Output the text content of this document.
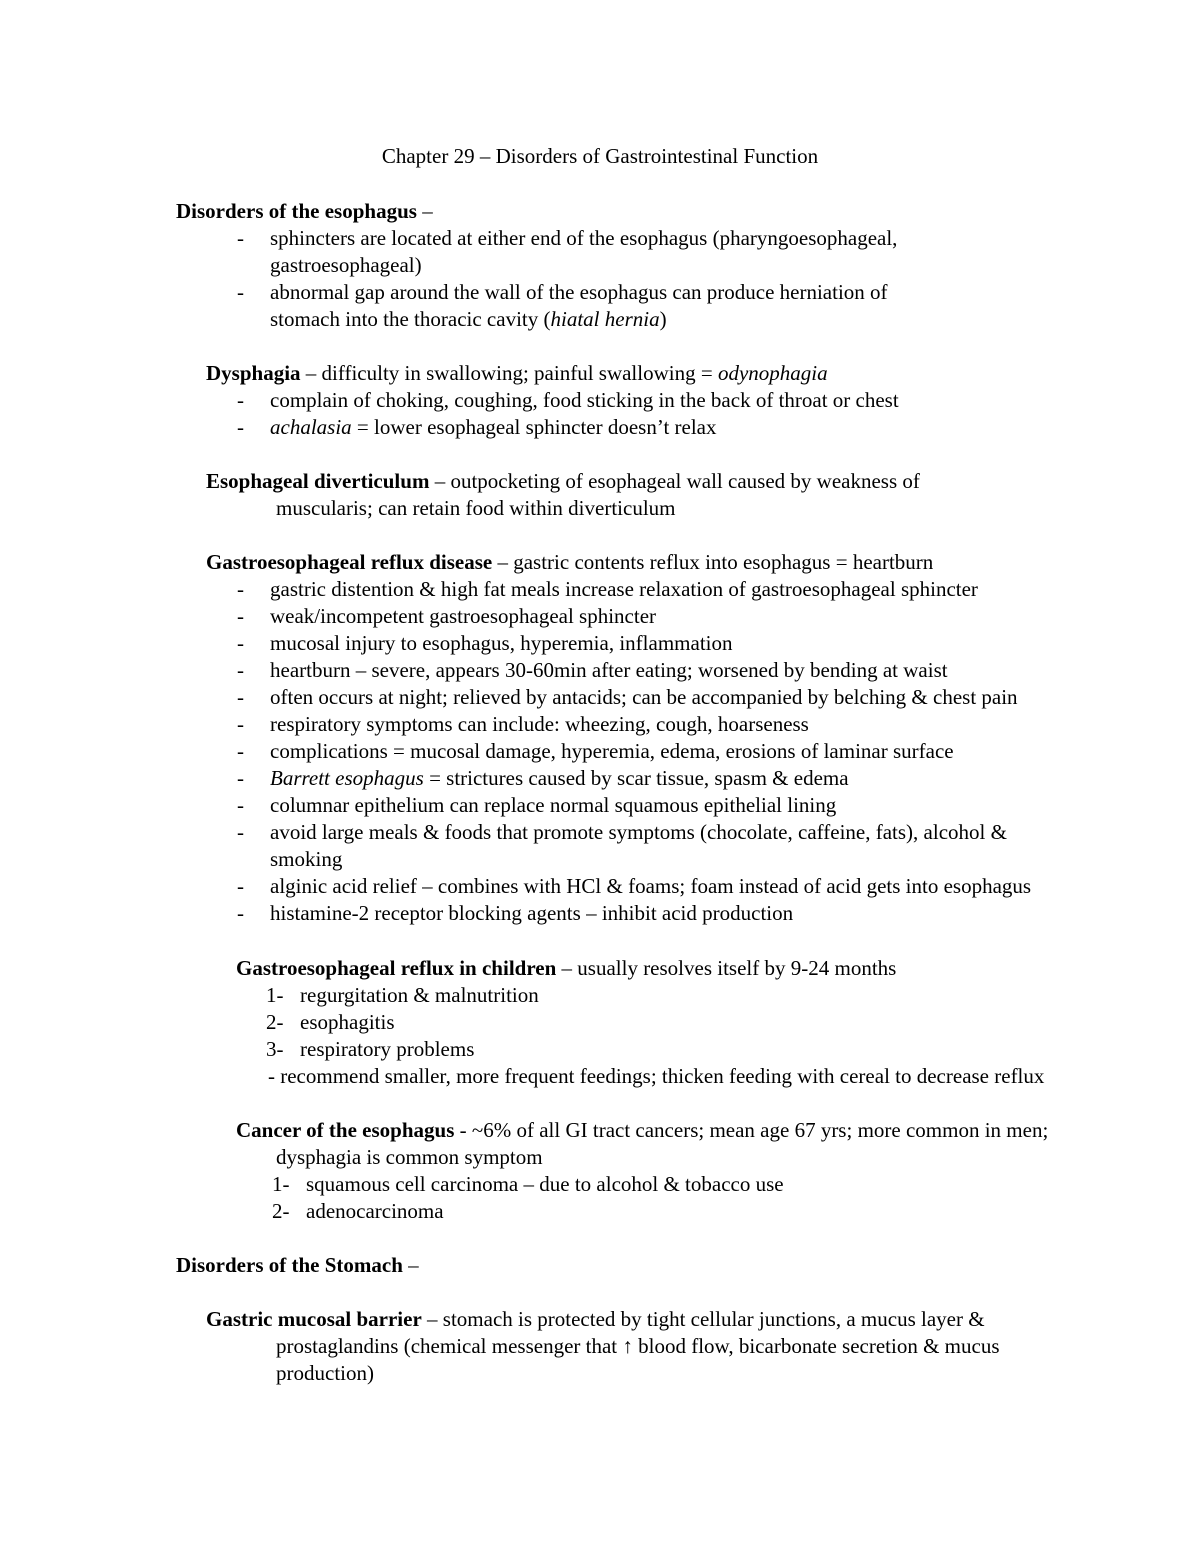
Chapter 29 – Disorders of Gastrointestinal Function
Disorders of the esophagus –
- sphincters are located at either end of the esophagus (pharyngoesophageal,
gastroesophageal)
- abnormal gap around the wall of the esophagus can produce herniation of
stomach into the thoracic cavity (hiatal hernia)
Dysphagia – difficulty in swallowing; painful swallowing = odynophagia
- complain of choking, coughing, food sticking in the back of throat or chest
- achalasia = lower esophageal sphincter doesn’t relax
Esophageal diverticulum – outpocketing of esophageal wall caused by weakness of
muscularis; can retain food within diverticulum
Gastroesophageal reflux disease – gastric contents reflux into esophagus = heartburn
- gastric distention & high fat meals increase relaxation of gastroesophageal sphincter
- weak/incompetent gastroesophageal sphincter
- mucosal injury to esophagus, hyperemia, inflammation
- heartburn – severe, appears 30-60min after eating; worsened by bending at waist
- often occurs at night; relieved by antacids; can be accompanied by belching & chest pain
- respiratory symptoms can include: wheezing, cough, hoarseness
- complications = mucosal damage, hyperemia, edema, erosions of laminar surface
- Barrett esophagus = strictures caused by scar tissue, spasm & edema
- columnar epithelium can replace normal squamous epithelial lining
- avoid large meals & foods that promote symptoms (chocolate, caffeine, fats), alcohol &
smoking
- alginic acid relief – combines with HCl & foams; foam instead of acid gets into esophagus
- histamine-2 receptor blocking agents – inhibit acid production
Gastroesophageal reflux in children – usually resolves itself by 9-24 months
1- regurgitation & malnutrition
2- esophagitis
3- respiratory problems
- recommend smaller, more frequent feedings; thicken feeding with cereal to decrease reflux
Cancer of the esophagus - ~6% of all GI tract cancers; mean age 67 yrs; more common in men;
dysphagia is common symptom
1- squamous cell carcinoma – due to alcohol & tobacco use
2- adenocarcinoma
Disorders of the Stomach –
Gastric mucosal barrier – stomach is protected by tight cellular junctions, a mucus layer &
prostaglandins (chemical messenger that ↑ blood flow, bicarbonate secretion & mucus
production)
